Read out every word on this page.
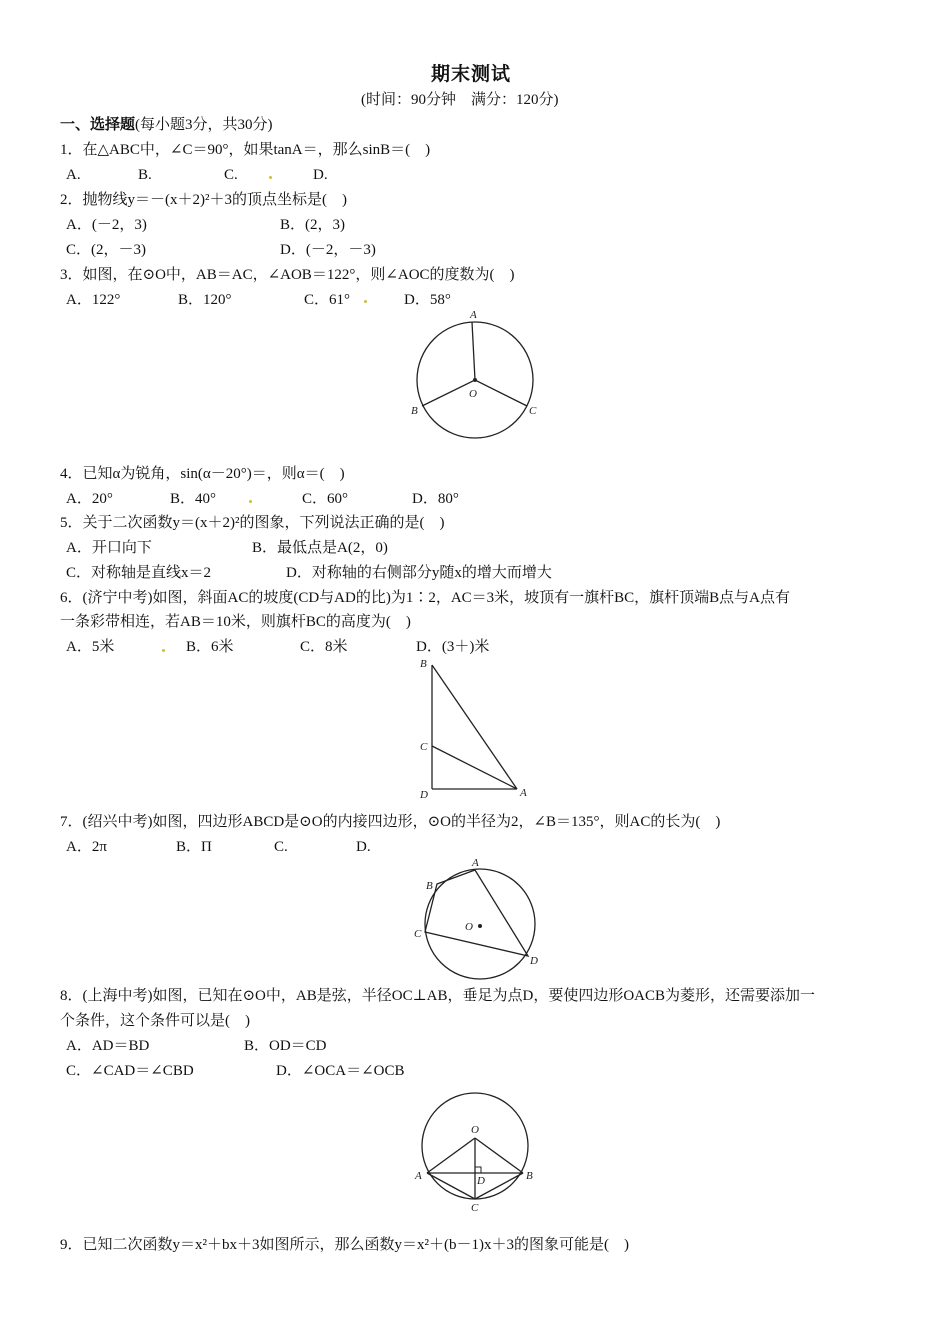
期末测试
(时间：90分钟　满分：120分)
一、选择题(每小题3分，共30分)
1．在△ABC中，∠C＝90°，如果tanA＝，那么sinB＝(　)
A.	B.	C.	D.
2．抛物线y＝－(x＋2)²＋3的顶点坐标是(　)
A．(－2，3)	B．(2，3)
C．(2，－3)	D．(－2，－3)
3．如图，在⊙O中，AB＝AC，∠AOB＝122°，则∠AOC的度数为(　)
A．122°	B．120°	C．61°	D．58°
A
B	C
O
4．已知α为锐角，sin(α－20°)＝，则α＝(　)
A．20°	B．40°	C．60°	D．80°
5．关于二次函数y＝(x＋2)²的图象，下列说法正确的是(　)
A．开口向下	B．最低点是A(2，0)
C．对称轴是直线x＝2	D．对称轴的右侧部分y随x的增大而增大
6．(济宁中考)如图，斜面AC的坡度(CD与AD的比)为1∶2，AC＝3米，坡顶有一旗杆BC，旗杆顶端B点与A点有
一条彩带相连，若AB＝10米，则旗杆BC的高度为(　)
A．5米	B．6米	C．8米	D．(3＋)米
B
C
D	A
7．(绍兴中考)如图，四边形ABCD是⊙O的内接四边形，⊙O的半径为2，∠B＝135°，则AC的长为(　)
A．2π	B．Π	C.	D.
A
B
C
D
O
8．(上海中考)如图，已知在⊙O中，AB是弦，半径OC⊥AB，垂足为点D，要使四边形OACB为菱形，还需要添加一
个条件，这个条件可以是(　)
A．AD＝BD	B．OD＝CD
C．∠CAD＝∠CBD	D．∠OCA＝∠OCB
O
A	B
D
C
9．已知二次函数y＝x²＋bx＋3如图所示，那么函数y＝x²＋(b－1)x＋3的图象可能是(　)
